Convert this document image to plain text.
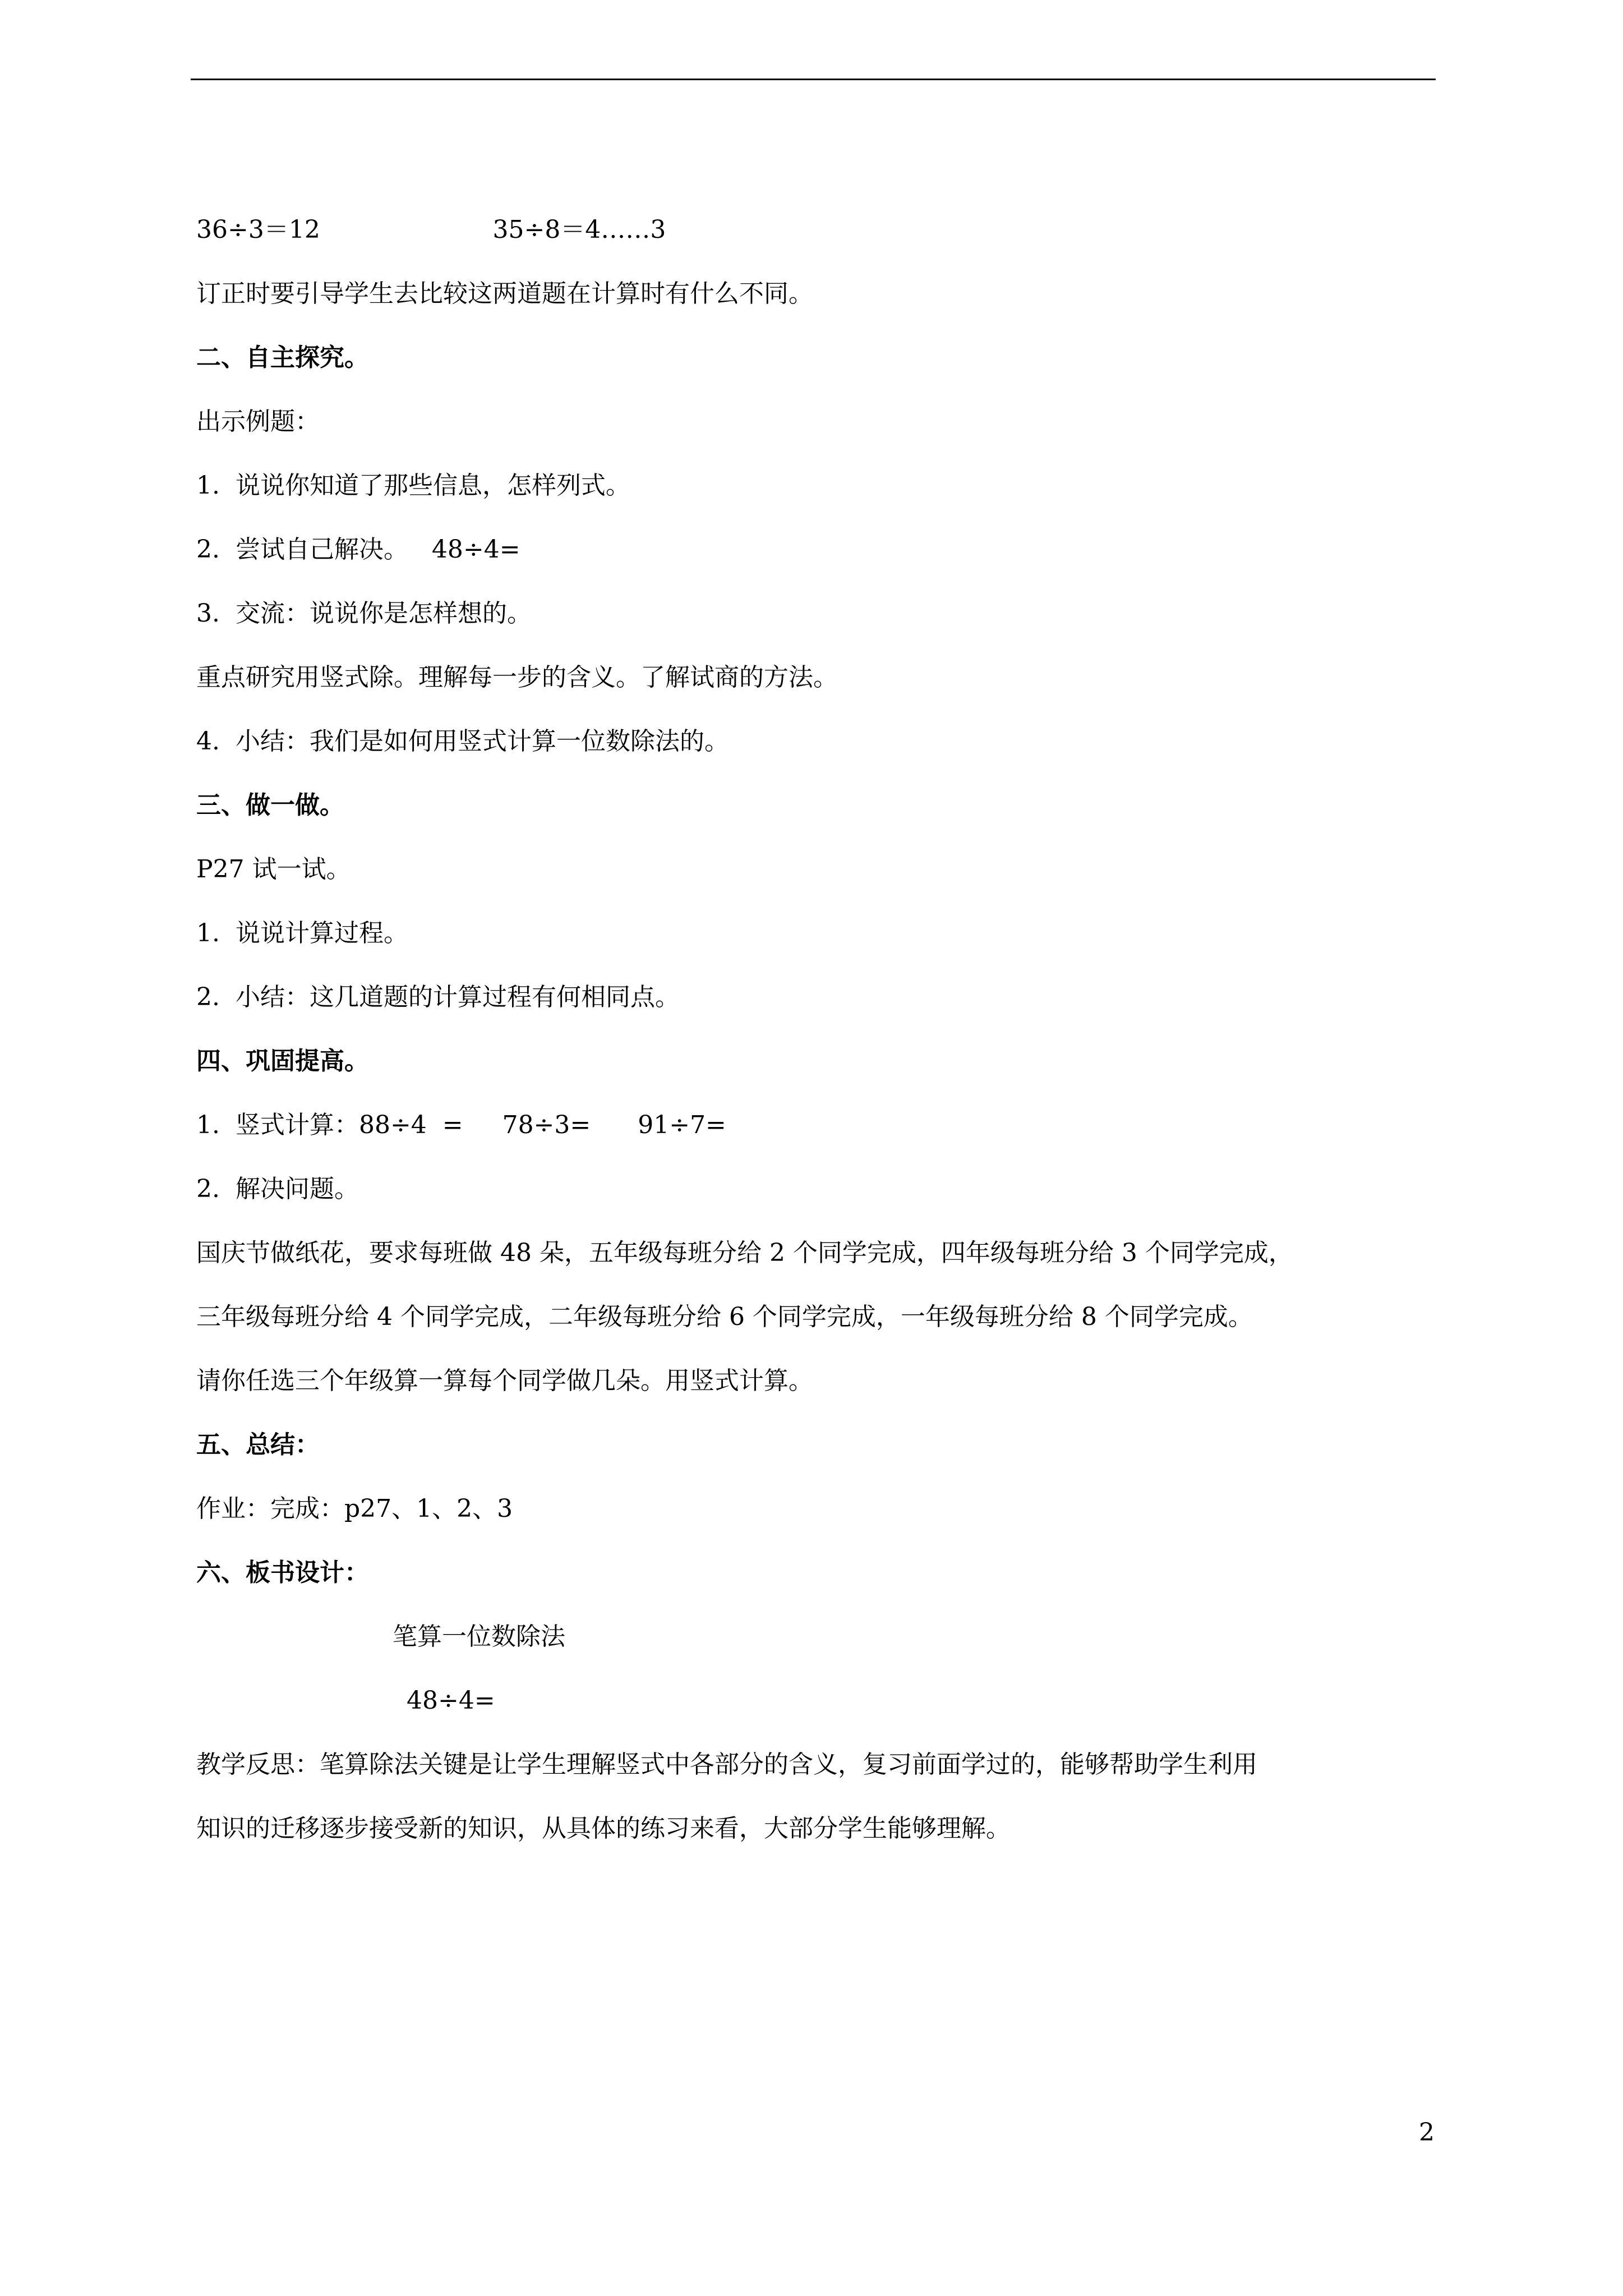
36÷3＝12                      35÷8＝4……3
订正时要引导学生去比较这两道题在计算时有什么不同。
二、自主探究。
出示例题：
1.  说说你知道了那些信息，怎样列式。
2.  尝试自己解决。   48÷4=
3.  交流：说说你是怎样想的。
重点研究用竖式除。理解每一步的含义。了解试商的方法。
4.  小结：我们是如何用竖式计算一位数除法的。
三、做一做。
P27 试一试。
1.  说说计算过程。
2.  小结：这几道题的计算过程有何相同点。
四、巩固提高。
1.  竖式计算：88÷4  =     78÷3=      91÷7=
2.  解决问题。
国庆节做纸花，要求每班做 48 朵，五年级每班分给 2 个同学完成，四年级每班分给 3 个同学完成，
三年级每班分给 4 个同学完成，二年级每班分给 6 个同学完成，一年级每班分给 8 个同学完成。
请你任选三个年级算一算每个同学做几朵。用竖式计算。
五、总结：
作业：完成：p27、1、2、3
六、板书设计：
笔算一位数除法
48÷4=
教学反思：笔算除法关键是让学生理解竖式中各部分的含义，复习前面学过的，能够帮助学生利用
知识的迁移逐步接受新的知识，从具体的练习来看，大部分学生能够理解。
2
